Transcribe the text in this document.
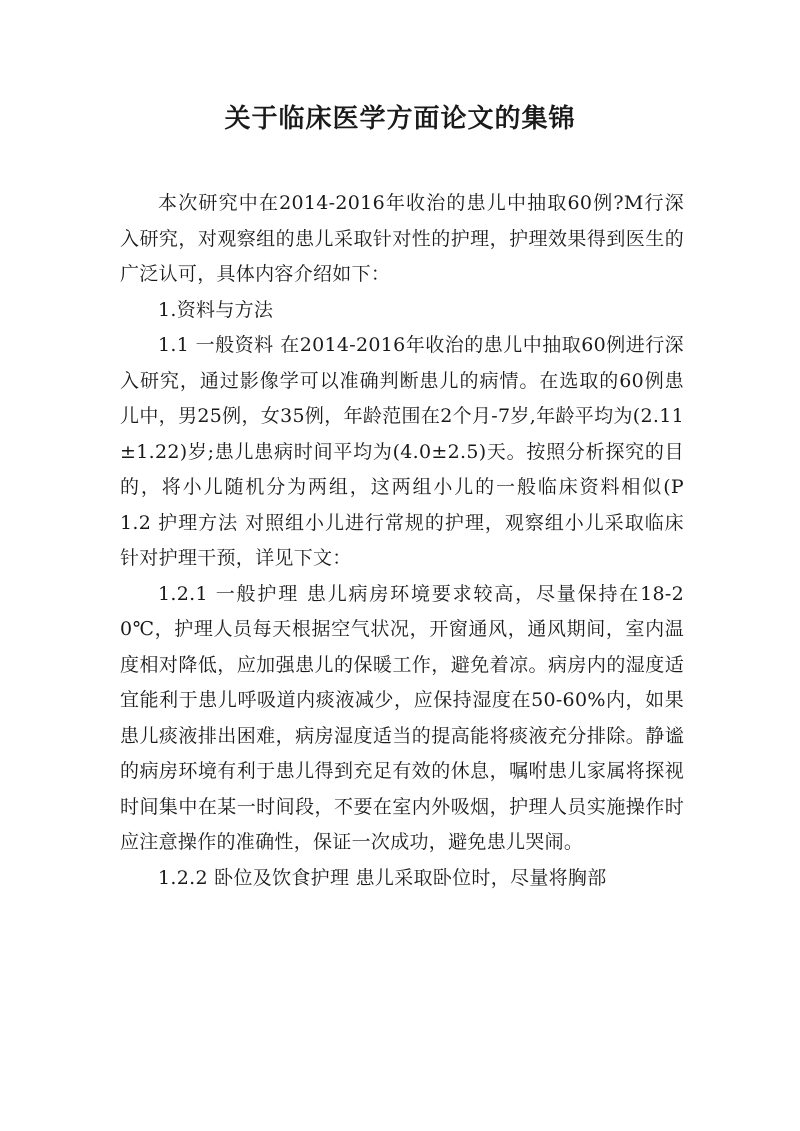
关于临床医学方面论文的集锦

本次研究中在2014-2016年收治的患儿中抽取60例?M行深入研究，对观察组的患儿采取针对性的护理，护理效果得到医生的广泛认可，具体内容介绍如下：

1.资料与方法

1.1 一般资料 在2014-2016年收治的患儿中抽取60例进行深入研究，通过影像学可以准确判断患儿的病情。在选取的60例患儿中，男25例，女35例，年龄范围在2个月-7岁,年龄平均为(2.11±1.22)岁;患儿患病时间平均为(4.0±2.5)天。按照分析探究的目的，将小儿随机分为两组，这两组小儿的一般临床资料相似(P　　1.2 护理方法 对照组小儿进行常规的护理，观察组小儿采取临床针对护理干预，详见下文：

1.2.1 一般护理 患儿病房环境要求较高，尽量保持在18-20℃，护理人员每天根据空气状况，开窗通风，通风期间，室内温度相对降低，应加强患儿的保暖工作，避免着凉。病房内的湿度适宜能利于患儿呼吸道内痰液减少，应保持湿度在50-60%内，如果患儿痰液排出困难，病房湿度适当的提高能将痰液充分排除。静谧的病房环境有利于患儿得到充足有效的休息，嘱咐患儿家属将探视时间集中在某一时间段，不要在室内外吸烟，护理人员实施操作时应注意操作的准确性，保证一次成功，避免患儿哭闹。

1.2.2 卧位及饮食护理 患儿采取卧位时，尽量将胸部
